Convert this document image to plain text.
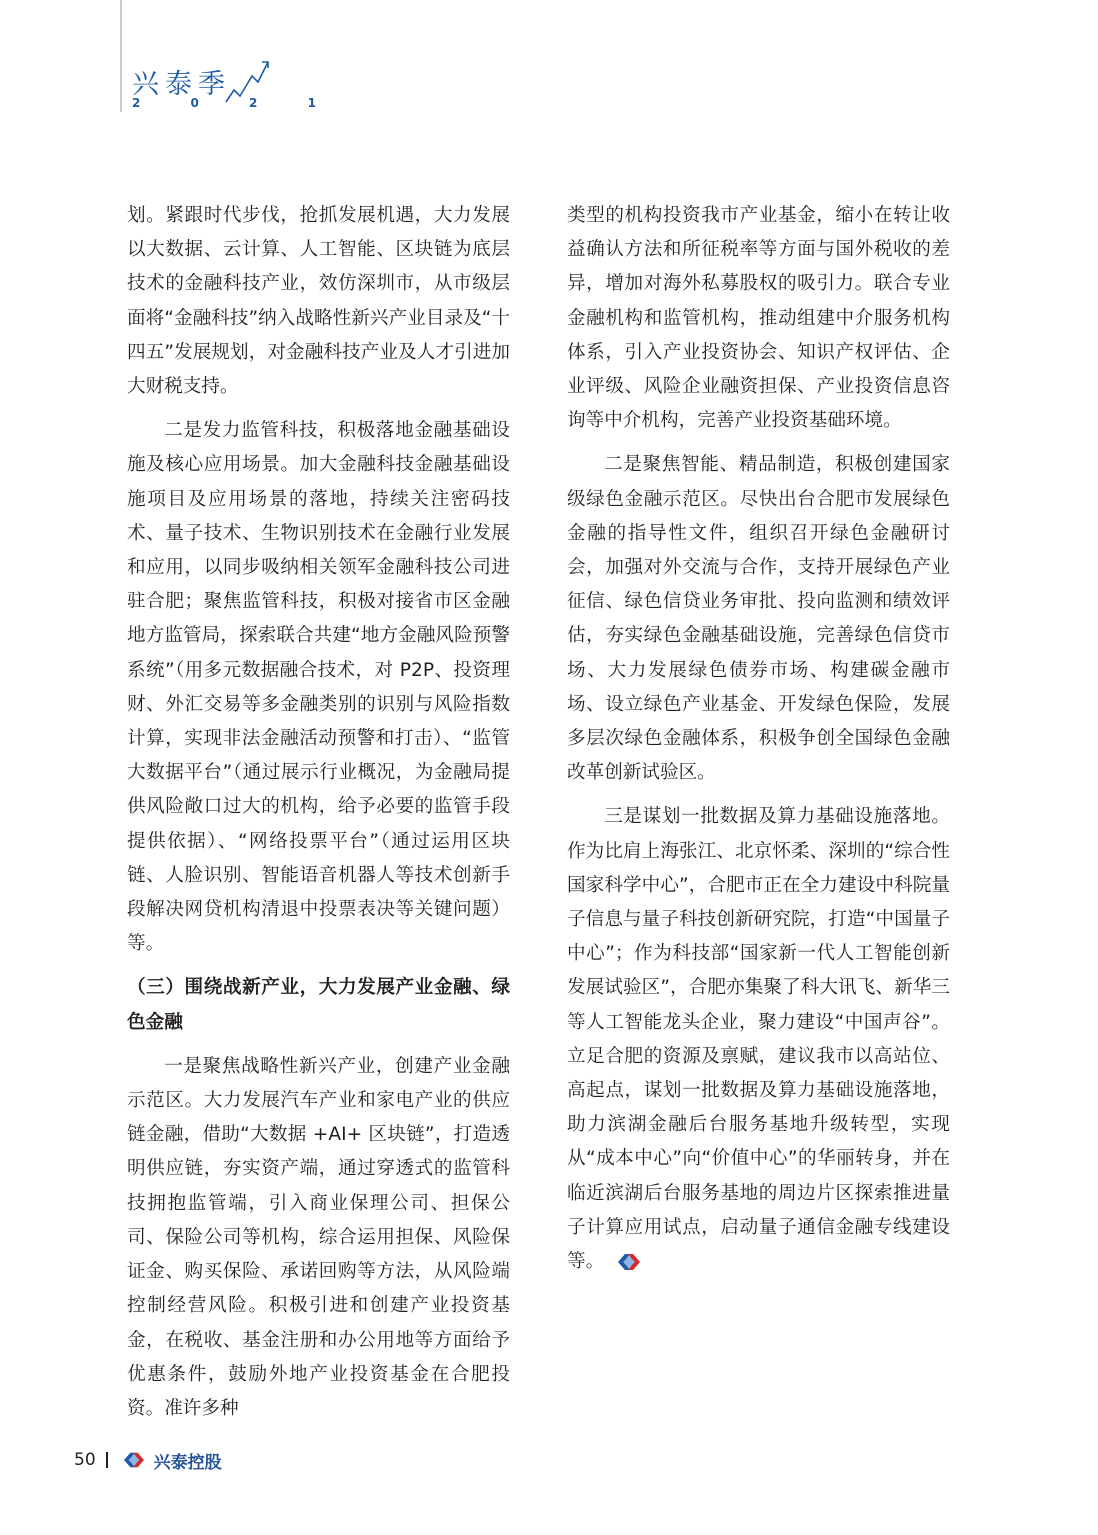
兴泰季
2 0 2 1

划。紧跟时代步伐，抢抓发展机遇，大力发展以大数据、云计算、人工智能、区块链为底层技术的金融科技产业，效仿深圳市，从市级层面将“金融科技”纳入战略性新兴产业目录及“十四五”发展规划，对金融科技产业及人才引进加大财税支持。

二是发力监管科技，积极落地金融基础设施及核心应用场景。加大金融科技金融基础设施项目及应用场景的落地，持续关注密码技术、量子技术、生物识别技术在金融行业发展和应用，以同步吸纳相关领军金融科技公司进驻合肥；聚焦监管科技，积极对接省市区金融地方监管局，探索联合共建“地方金融风险预警系统”（用多元数据融合技术，对 P2P、投资理财、外汇交易等多金融类别的识别与风险指数计算，实现非法金融活动预警和打击）、“监管大数据平台”（通过展示行业概况，为金融局提供风险敞口过大的机构，给予必要的监管手段提供依据）、“网络投票平台”（通过运用区块链、人脸识别、智能语音机器人等技术创新手段解决网贷机构清退中投票表决等关键问题）等。

（三）围绕战新产业，大力发展产业金融、绿色金融

一是聚焦战略性新兴产业，创建产业金融示范区。大力发展汽车产业和家电产业的供应链金融，借助“大数据 +AI+ 区块链”，打造透明供应链，夯实资产端，通过穿透式的监管科技拥抱监管端，引入商业保理公司、担保公司、保险公司等机构，综合运用担保、风险保证金、购买保险、承诺回购等方法，从风险端控制经营风险。积极引进和创建产业投资基金，在税收、基金注册和办公用地等方面给予优惠条件，鼓励外地产业投资基金在合肥投资。准许多种

类型的机构投资我市产业基金，缩小在转让收益确认方法和所征税率等方面与国外税收的差异，增加对海外私募股权的吸引力。联合专业金融机构和监管机构，推动组建中介服务机构体系，引入产业投资协会、知识产权评估、企业评级、风险企业融资担保、产业投资信息咨询等中介机构，完善产业投资基础环境。

二是聚焦智能、精品制造，积极创建国家级绿色金融示范区。尽快出台合肥市发展绿色金融的指导性文件，组织召开绿色金融研讨会，加强对外交流与合作，支持开展绿色产业征信、绿色信贷业务审批、投向监测和绩效评估，夯实绿色金融基础设施，完善绿色信贷市场、大力发展绿色债券市场、构建碳金融市场、设立绿色产业基金、开发绿色保险，发展多层次绿色金融体系，积极争创全国绿色金融改革创新试验区。

三是谋划一批数据及算力基础设施落地。作为比肩上海张江、北京怀柔、深圳的“综合性国家科学中心”，合肥市正在全力建设中科院量子信息与量子科技创新研究院，打造“中国量子中心”；作为科技部“国家新一代人工智能创新发展试验区”，合肥亦集聚了科大讯飞、新华三等人工智能龙头企业，聚力建设“中国声谷”。立足合肥的资源及禀赋，建议我市以高站位、高起点，谋划一批数据及算力基础设施落地，助力滨湖金融后台服务基地升级转型，实现从“成本中心”向“价值中心”的华丽转身，并在临近滨湖后台服务基地的周边片区探索推进量子计算应用试点，启动量子通信金融专线建设等。

50	兴泰控股
